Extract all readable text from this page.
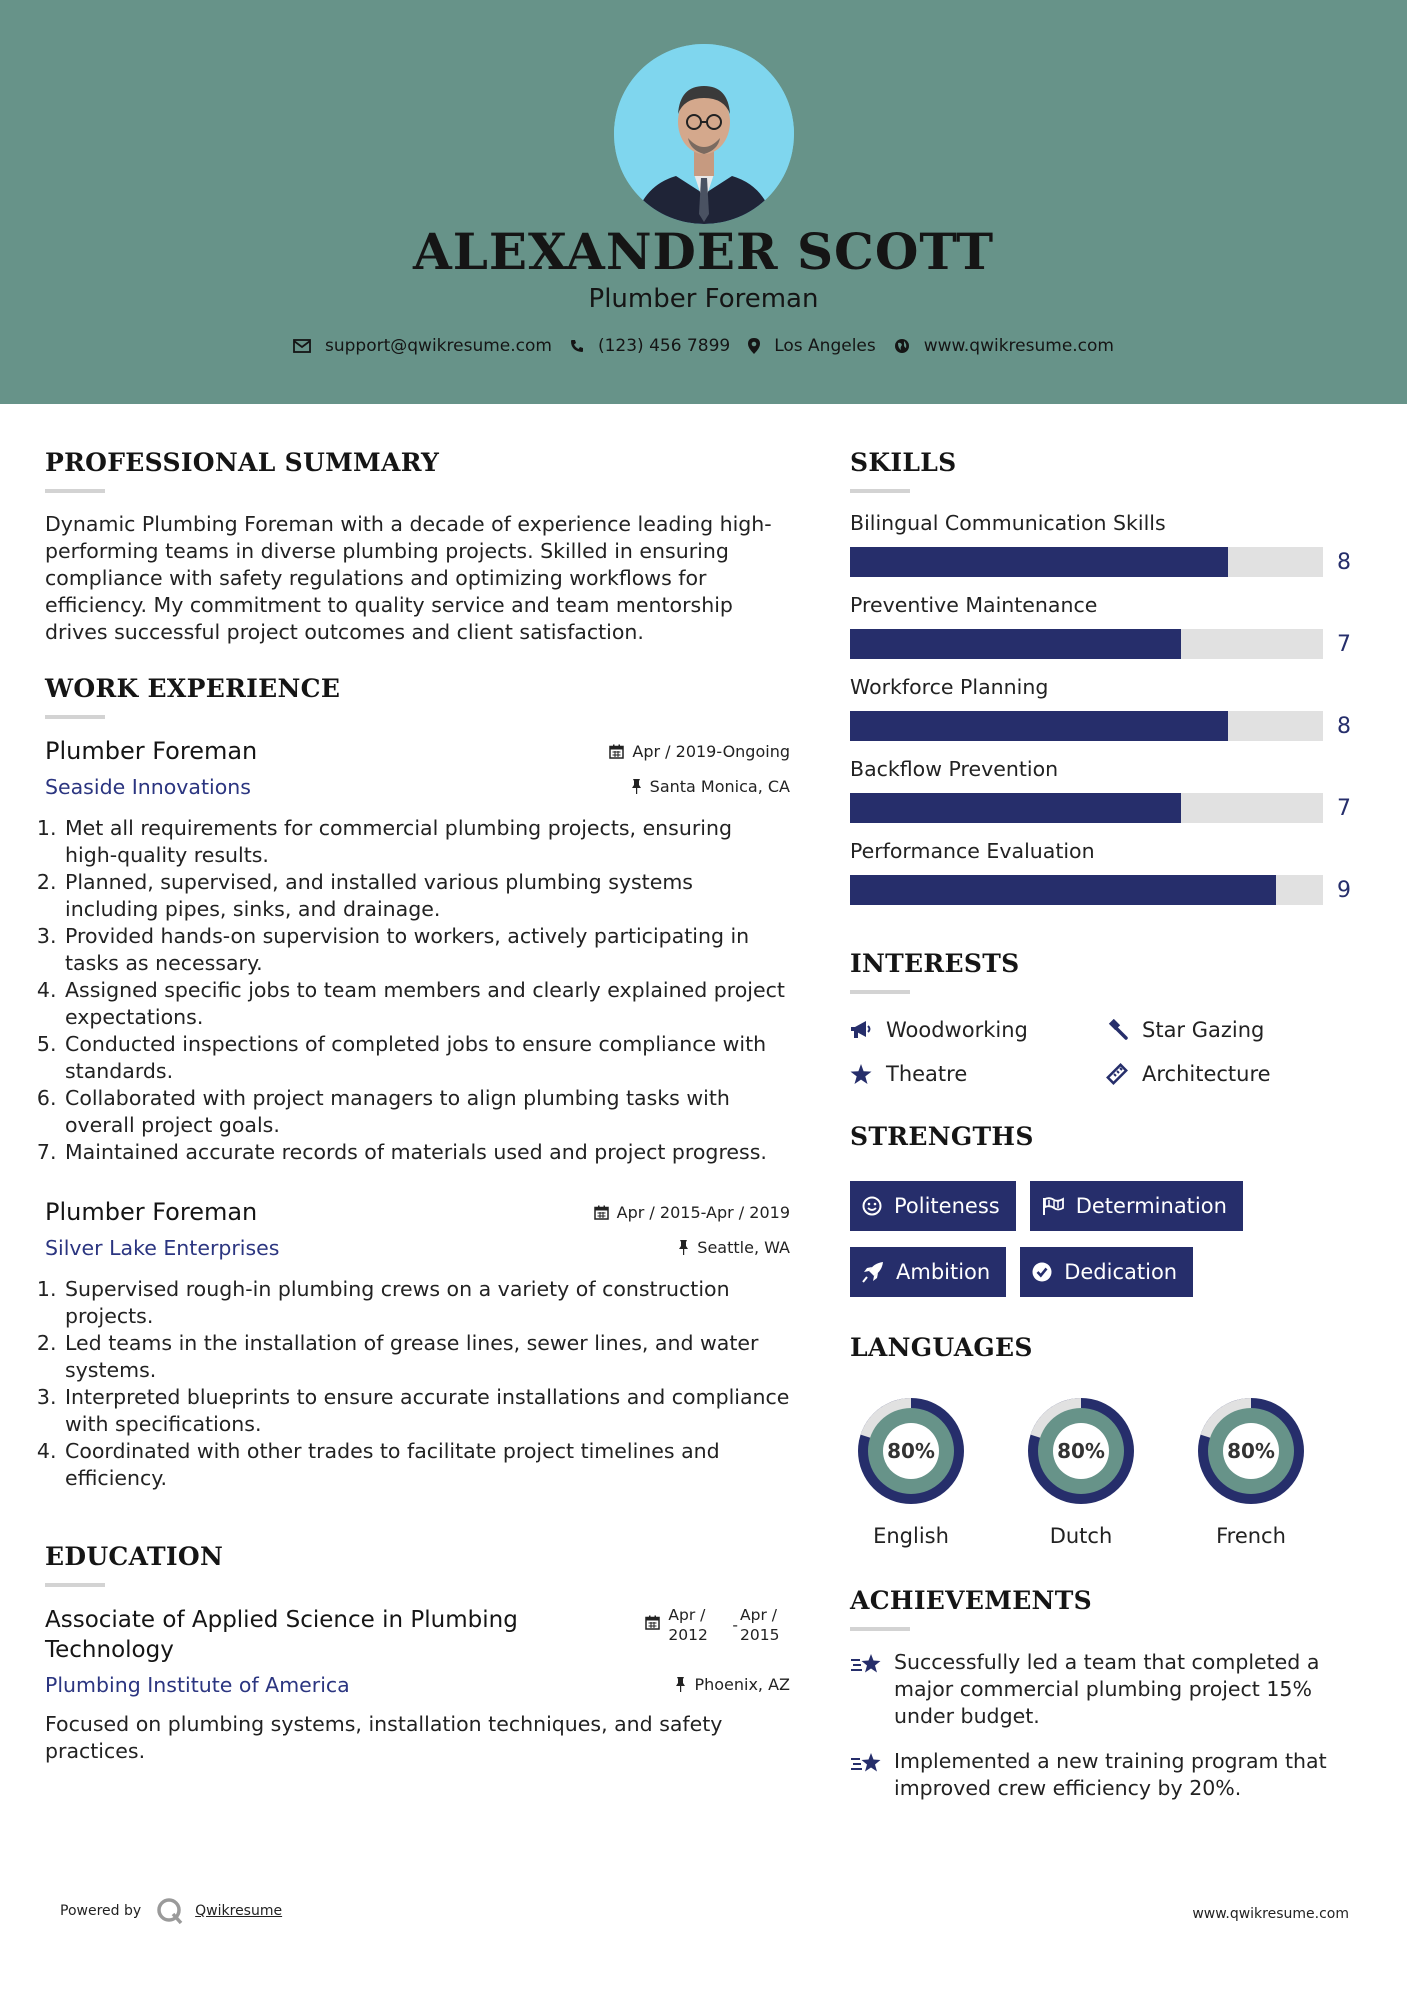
ALEXANDER SCOTT
Plumber Foreman
support@qwikresume.com	(123) 456 7899	Los Angeles	www.qwikresume.com
PROFESSIONAL SUMMARY
Dynamic Plumbing Foreman with a decade of experience leading high-performing teams in diverse plumbing projects. Skilled in ensuring compliance with safety regulations and optimizing workflows for efficiency. My commitment to quality service and team mentorship drives successful project outcomes and client satisfaction.
WORK EXPERIENCE
Plumber Foreman	Apr / 2019-Ongoing
Seaside Innovations	Santa Monica, CA
1. Met all requirements for commercial plumbing projects, ensuring high-quality results.
2. Planned, supervised, and installed various plumbing systems including pipes, sinks, and drainage.
3. Provided hands-on supervision to workers, actively participating in tasks as necessary.
4. Assigned specific jobs to team members and clearly explained project expectations.
5. Conducted inspections of completed jobs to ensure compliance with standards.
6. Collaborated with project managers to align plumbing tasks with overall project goals.
7. Maintained accurate records of materials used and project progress.
Plumber Foreman	Apr / 2015-Apr / 2019
Silver Lake Enterprises	Seattle, WA
1. Supervised rough-in plumbing crews on a variety of construction projects.
2. Led teams in the installation of grease lines, sewer lines, and water systems.
3. Interpreted blueprints to ensure accurate installations and compliance with specifications.
4. Coordinated with other trades to facilitate project timelines and efficiency.
EDUCATION
Associate of Applied Science in Plumbing Technology
Apr / 2012
-
Apr / 2015
Plumbing Institute of America	Phoenix, AZ
Focused on plumbing systems, installation techniques, and safety practices.
SKILLS
Bilingual Communication Skills
8
Preventive Maintenance
7
Workforce Planning
8
Backflow Prevention
7
Performance Evaluation
9
INTERESTS
Woodworking	Star Gazing
Theatre	Architecture
STRENGTHS
Politeness	Determination
Ambition	Dedication
LANGUAGES
80%
English
80%
Dutch
80%
French
ACHIEVEMENTS
Successfully led a team that completed a major commercial plumbing project 15% under budget.
Implemented a new training program that improved crew efficiency by 20%.
Powered by	Qwikresume	www.qwikresume.com
